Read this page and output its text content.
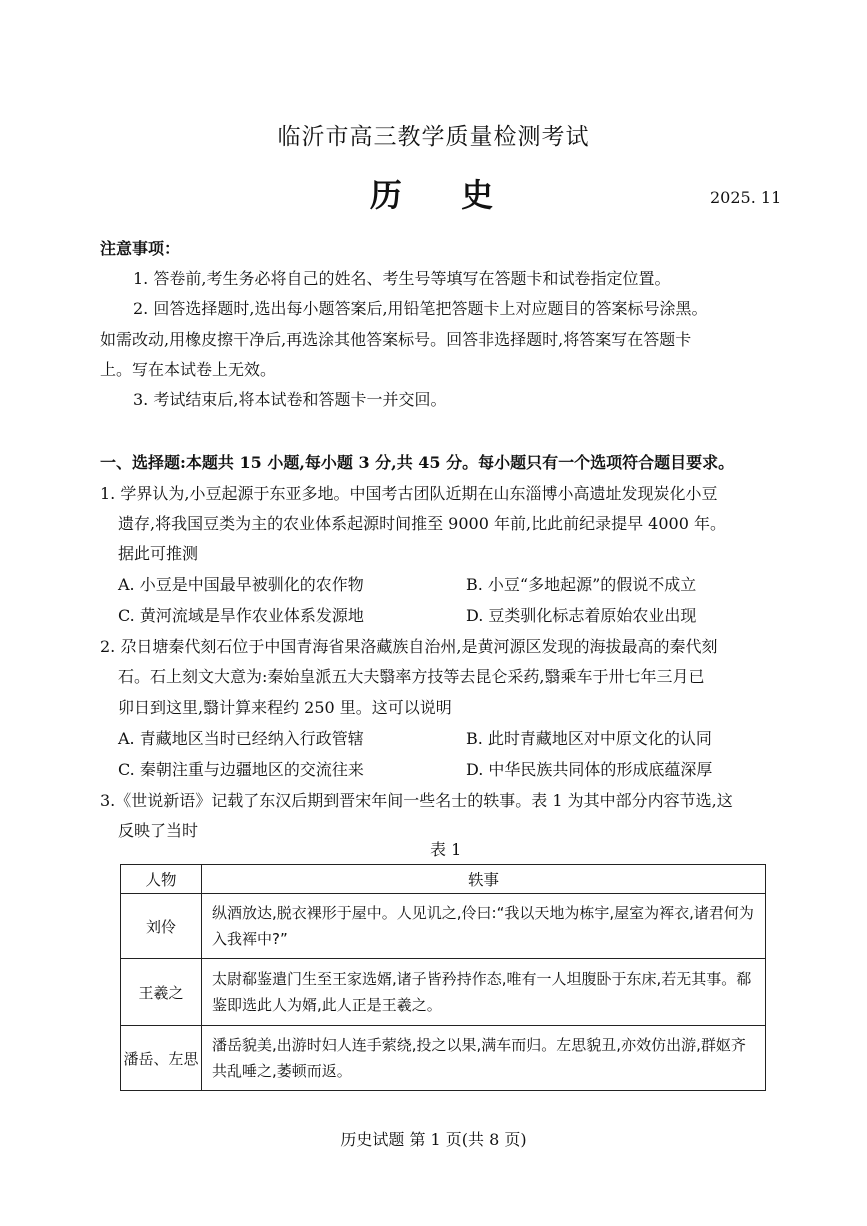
临沂市高三教学质量检测考试
历 史	2025. 11
注意事项：
1. 答卷前,考生务必将自己的姓名、考生号等填写在答题卡和试卷指定位置。
2. 回答选择题时,选出每小题答案后,用铅笔把答题卡上对应题目的答案标号涂黑。
如需改动,用橡皮擦干净后,再选涂其他答案标号。回答非选择题时,将答案写在答题卡
上。写在本试卷上无效。
3. 考试结束后,将本试卷和答题卡一并交回。
一、选择题:本题共 15 小题,每小题 3 分,共 45 分。每小题只有一个选项符合题目要求。
1. 学界认为,小豆起源于东亚多地。中国考古团队近期在山东淄博小高遗址发现炭化小豆
遗存,将我国豆类为主的农业体系起源时间推至 9000 年前,比此前纪录提早 4000 年。
据此可推测
A. 小豆是中国最早被驯化的农作物	B. 小豆“多地起源”的假说不成立
C. 黄河流域是旱作农业体系发源地	D. 豆类驯化标志着原始农业出现
2. 尕日塘秦代刻石位于中国青海省果洛藏族自治州,是黄河源区发现的海拔最高的秦代刻
石。石上刻文大意为:秦始皇派五大夫翳率方技等去昆仑采药,翳乘车于卅七年三月已
卯日到这里,翳计算来程约 250 里。这可以说明
A. 青藏地区当时已经纳入行政管辖	B. 此时青藏地区对中原文化的认同
C. 秦朝注重与边疆地区的交流往来	D. 中华民族共同体的形成底蕴深厚
3.《世说新语》记载了东汉后期到晋宋年间一些名士的轶事。表 1 为其中部分内容节选,这
反映了当时
表 1
人物	轶事
刘伶	纵酒放达,脱衣裸形于屋中。人见讥之,伶曰:“我以天地为栋宇,屋室为裈衣,诸君何为入我裈中?”
王羲之	太尉郗鉴遣门生至王家选婿,诸子皆矜持作态,唯有一人坦腹卧于东床,若无其事。郗鉴即选此人为婿,此人正是王羲之。
潘岳、左思	潘岳貌美,出游时妇人连手萦绕,投之以果,满车而归。左思貌丑,亦效仿出游,群妪齐共乱唾之,萎顿而返。
历史试题 第 1 页(共 8 页)
